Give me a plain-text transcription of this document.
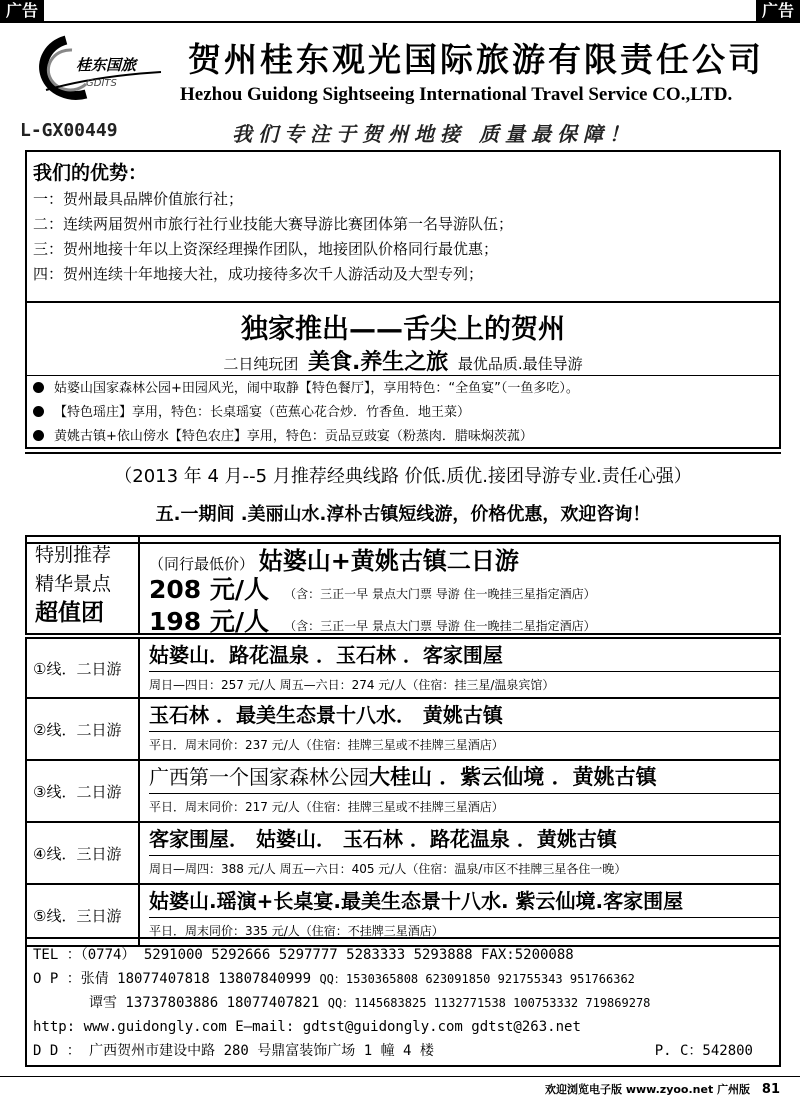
广告	广告
桂东国旅
GDITS
贺州桂东观光国际旅游有限责任公司
Hezhou Guidong Sightseeing International Travel Service CO.,LTD.
L-GX00449	我们专注于贺州地接 质量最保障！
我们的优势：
一：贺州最具品牌价值旅行社；
二：连续两届贺州市旅行社行业技能大赛导游比赛团体第一名导游队伍；
三：贺州地接十年以上资深经理操作团队，地接团队价格同行最优惠；
四：贺州连续十年地接大社，成功接待多次千人游活动及大型专列；
独家推出——舌尖上的贺州
二日纯玩团 美食.养生之旅 最优品质.最佳导游
姑婆山国家森林公园+田园风光，闹中取静【特色餐厅】，享用特色：“全鱼宴”（一鱼多吃）。
【特色瑶庄】享用，特色：长桌瑶宴（芭蕉心花合炒．竹香鱼．地王菜）
黄姚古镇+依山傍水【特色农庄】享用，特色：贡品豆豉宴（粉蒸肉．腊味焖茨菰）
（2013 年 4 月--5 月推荐经典线路 价低.质优.接团导游专业.责任心强）
五.一期间 .美丽山水.淳朴古镇短线游，价格优惠，欢迎咨询！
特别推荐
精华景点
超值团
（同行最低价） 姑婆山+黄姚古镇二日游
208 元/人 （含：三正一早 景点大门票 导游 住一晚挂三星指定酒店）
198 元/人 （含：三正一早 景点大门票 导游 住一晚挂二星指定酒店）
①线．二日游
姑婆山．路花温泉 ．玉石林 ．客家围屋
周日—四日：257 元/人 周五—六日：274 元/人（住宿：挂三星/温泉宾馆）
②线．二日游
玉石林 ．最美生态景十八水． 黄姚古镇
平日．周末同价：237 元/人（住宿：挂牌三星或不挂牌三星酒店）
③线．二日游
广西第一个国家森林公园大桂山 ．紫云仙境 ．黄姚古镇
平日．周末同价：217 元/人（住宿：挂牌三星或不挂牌三星酒店）
④线．三日游
客家围屋． 姑婆山． 玉石林 ．路花温泉 ．黄姚古镇
周日—周四：388 元/人 周五—六日：405 元/人（住宿：温泉/市区不挂牌三星各住一晚）
⑤线．三日游
姑婆山.瑶演+长桌宴.最美生态景十八水. 紫云仙境.客家围屋
平日．周末同价：335 元/人（住宿：不挂牌三星酒店）
TEL ：（0774） 5291000 5292666 5297777 5283333 5293888 FAX:5200088
O P ：张倩 18077407818 13807840999 QQ：1530365808 623091850 921755343 951766362
谭雪 13737803886 18077407821 QQ：1145683825 1132771538 100753332 719869278
http: www.guidongly.com E—mail: gdtst@guidongly.com gdtst@263.net
D D ： 广西贺州市建设中路 280 号鼎富装饰广场 1 幢 4 楼	P. C：542800
欢迎浏览电子版 www.zyoo.net 广州版 81
